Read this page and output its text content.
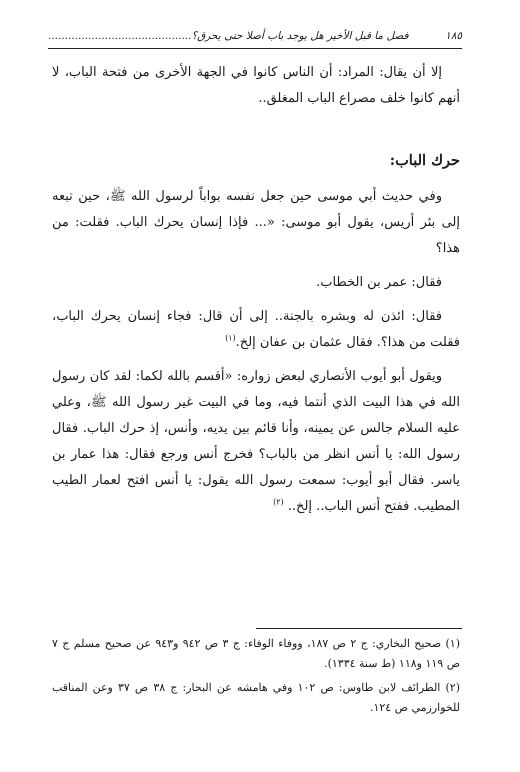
١٨٥
فصل ما قبل الأخير هل يوجد باب أصلا حتى يحرق؟...........................................

إلا أن يقال: المراد: أن الناس كانوا في الجهة الأخرى من فتحة الباب، لا أنهم كانوا خلف مصراع الباب المغلق..

حرك الباب:

وفي حديث أبي موسى حين جعل نفسه بواباً لرسول الله ﷺ، حين تبعه إلى بئر أريس، يقول أبو موسى: «... فإذا إنسان يحرك الباب. فقلت: من هذا؟

فقال: عمر بن الخطاب.

فقال: ائذن له وبشره بالجنة.. إلى أن قال: فجاء إنسان يحرك الباب، فقلت من هذا؟. فقال عثمان بن عفان إلخ.$^{(١)}$

ويقول أبو أيوب الأنصاري لبعض زواره: «أقسم بالله لكما: لقد كان رسول الله في هذا البيت الذي أنتما فيه، وما في البيت غير رسول الله ﷺ، وعلي عليه السلام جالس عن يمينه، وأنا قائم بين يديه، وأنس، إذ حرك الباب. فقال رسول الله: يا أنس انظر من بالباب؟ فخرج أنس ورجع فقال: هذا عمار بن ياسر. فقال أبو أيوب: سمعت رسول الله يقول: يا أنس افتح لعمار الطيب المطيب. ففتح أنس الباب.. إلخ.. $^{(٢)}$

(١) صحيح البخاري: ج ٢ ص ١٨٧، ووفاء الوفاء: ج ٣ ص ٩٤٢ و٩٤٣ عن صحيح مسلم ج ٧ ص ١١٩ و١١٨ (ط سنة ١٣٣٤).

(٢) الطرائف لابن طاوس: ص ١٠٢ وفي هامشه عن البحار: ج ٣٨ ص ٣٧ وعن المناقب للخوارزمي ص ١٢٤.
